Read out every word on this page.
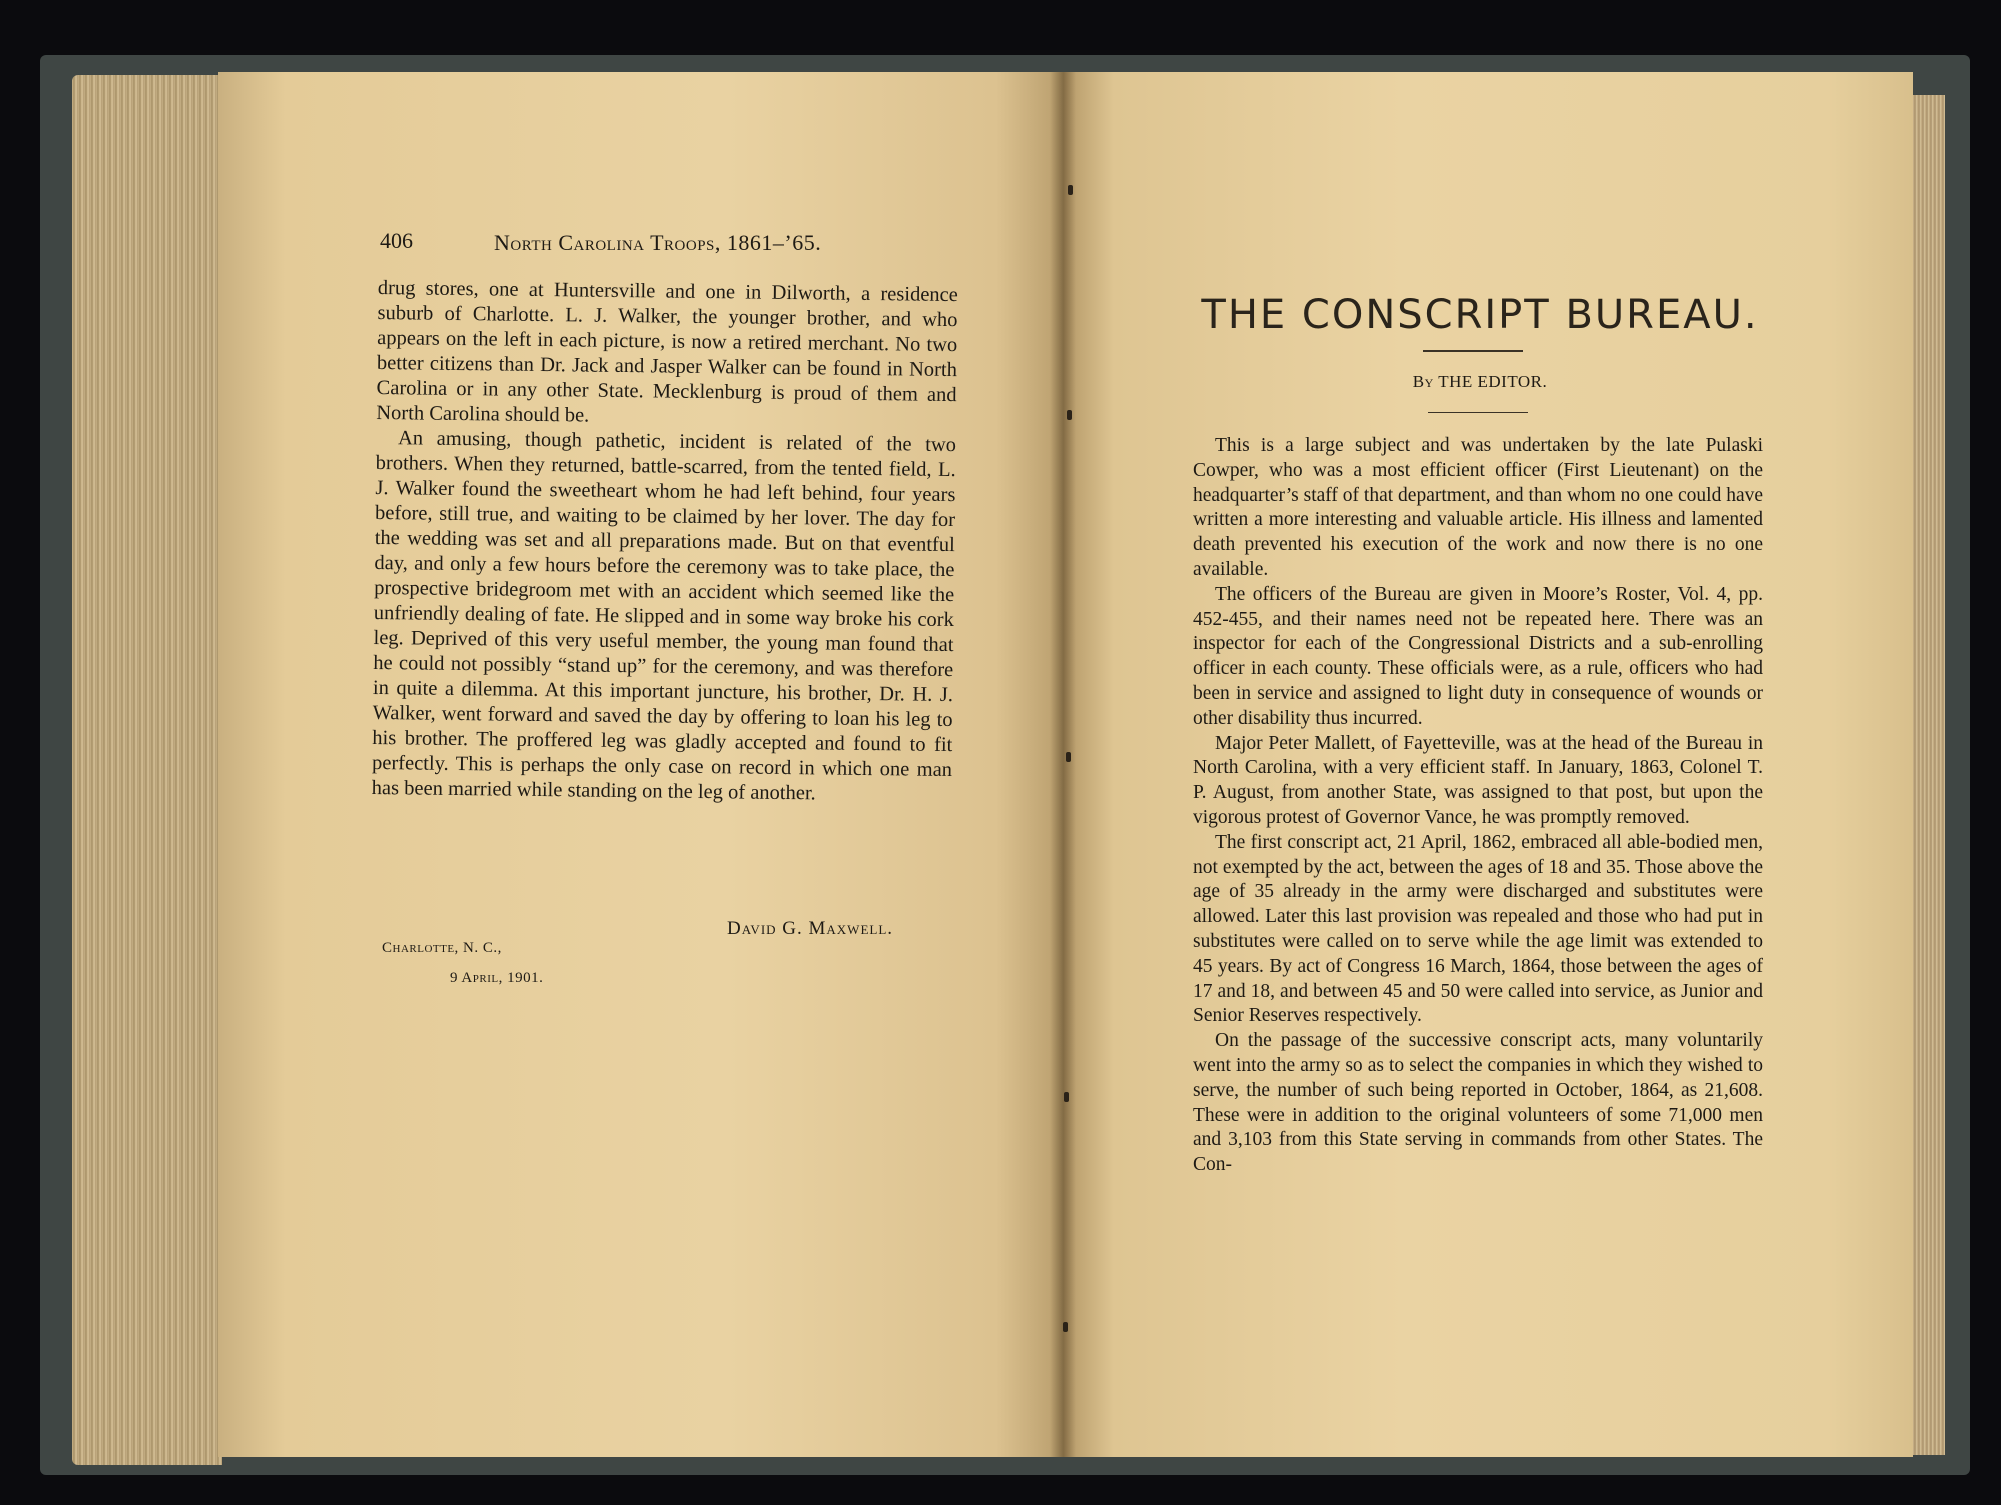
406	North Carolina Troops, 1861–’65.

drug stores, one at Huntersville and one in Dilworth, a residence suburb of Charlotte. L. J. Walker, the younger brother, and who appears on the left in each picture, is now a retired merchant. No two better citizens than Dr. Jack and Jasper Walker can be found in North Carolina or in any other State. Mecklenburg is proud of them and North Carolina should be.

An amusing, though pathetic, incident is related of the two brothers. When they returned, battle-scarred, from the tented field, L. J. Walker found the sweetheart whom he had left behind, four years before, still true, and waiting to be claimed by her lover. The day for the wedding was set and all preparations made. But on that eventful day, and only a few hours before the ceremony was to take place, the prospective bridegroom met with an accident which seemed like the unfriendly dealing of fate. He slipped and in some way broke his cork leg. Deprived of this very useful member, the young man found that he could not possibly “stand up” for the ceremony, and was therefore in quite a dilemma. At this important juncture, his brother, Dr. H. J. Walker, went forward and saved the day by offering to loan his leg to his brother. The proffered leg was gladly accepted and found to fit perfectly. This is perhaps the only case on record in which one man has been married while standing on the leg of another.

David G. Maxwell.
Charlotte, N. C.,
9 April, 1901.
THE CONSCRIPT BUREAU.
By THE EDITOR.

This is a large subject and was undertaken by the late Pulaski Cowper, who was a most efficient officer (First Lieutenant) on the headquarter’s staff of that department, and than whom no one could have written a more interesting and valuable article. His illness and lamented death prevented his execution of the work and now there is no one available.

The officers of the Bureau are given in Moore’s Roster, Vol. 4, pp. 452-455, and their names need not be repeated here. There was an inspector for each of the Congressional Districts and a sub-enrolling officer in each county. These officials were, as a rule, officers who had been in service and assigned to light duty in consequence of wounds or other disability thus incurred.

Major Peter Mallett, of Fayetteville, was at the head of the Bureau in North Carolina, with a very efficient staff. In January, 1863, Colonel T. P. August, from another State, was assigned to that post, but upon the vigorous protest of Governor Vance, he was promptly removed.

The first conscript act, 21 April, 1862, embraced all able-bodied men, not exempted by the act, between the ages of 18 and 35. Those above the age of 35 already in the army were discharged and substitutes were allowed. Later this last provision was repealed and those who had put in substitutes were called on to serve while the age limit was extended to 45 years. By act of Congress 16 March, 1864, those between the ages of 17 and 18, and between 45 and 50 were called into service, as Junior and Senior Reserves respectively.

On the passage of the successive conscript acts, many voluntarily went into the army so as to select the companies in which they wished to serve, the number of such being reported in October, 1864, as 21,608. These were in addition to the original volunteers of some 71,000 men and 3,103 from this State serving in commands from other States. The Con-
